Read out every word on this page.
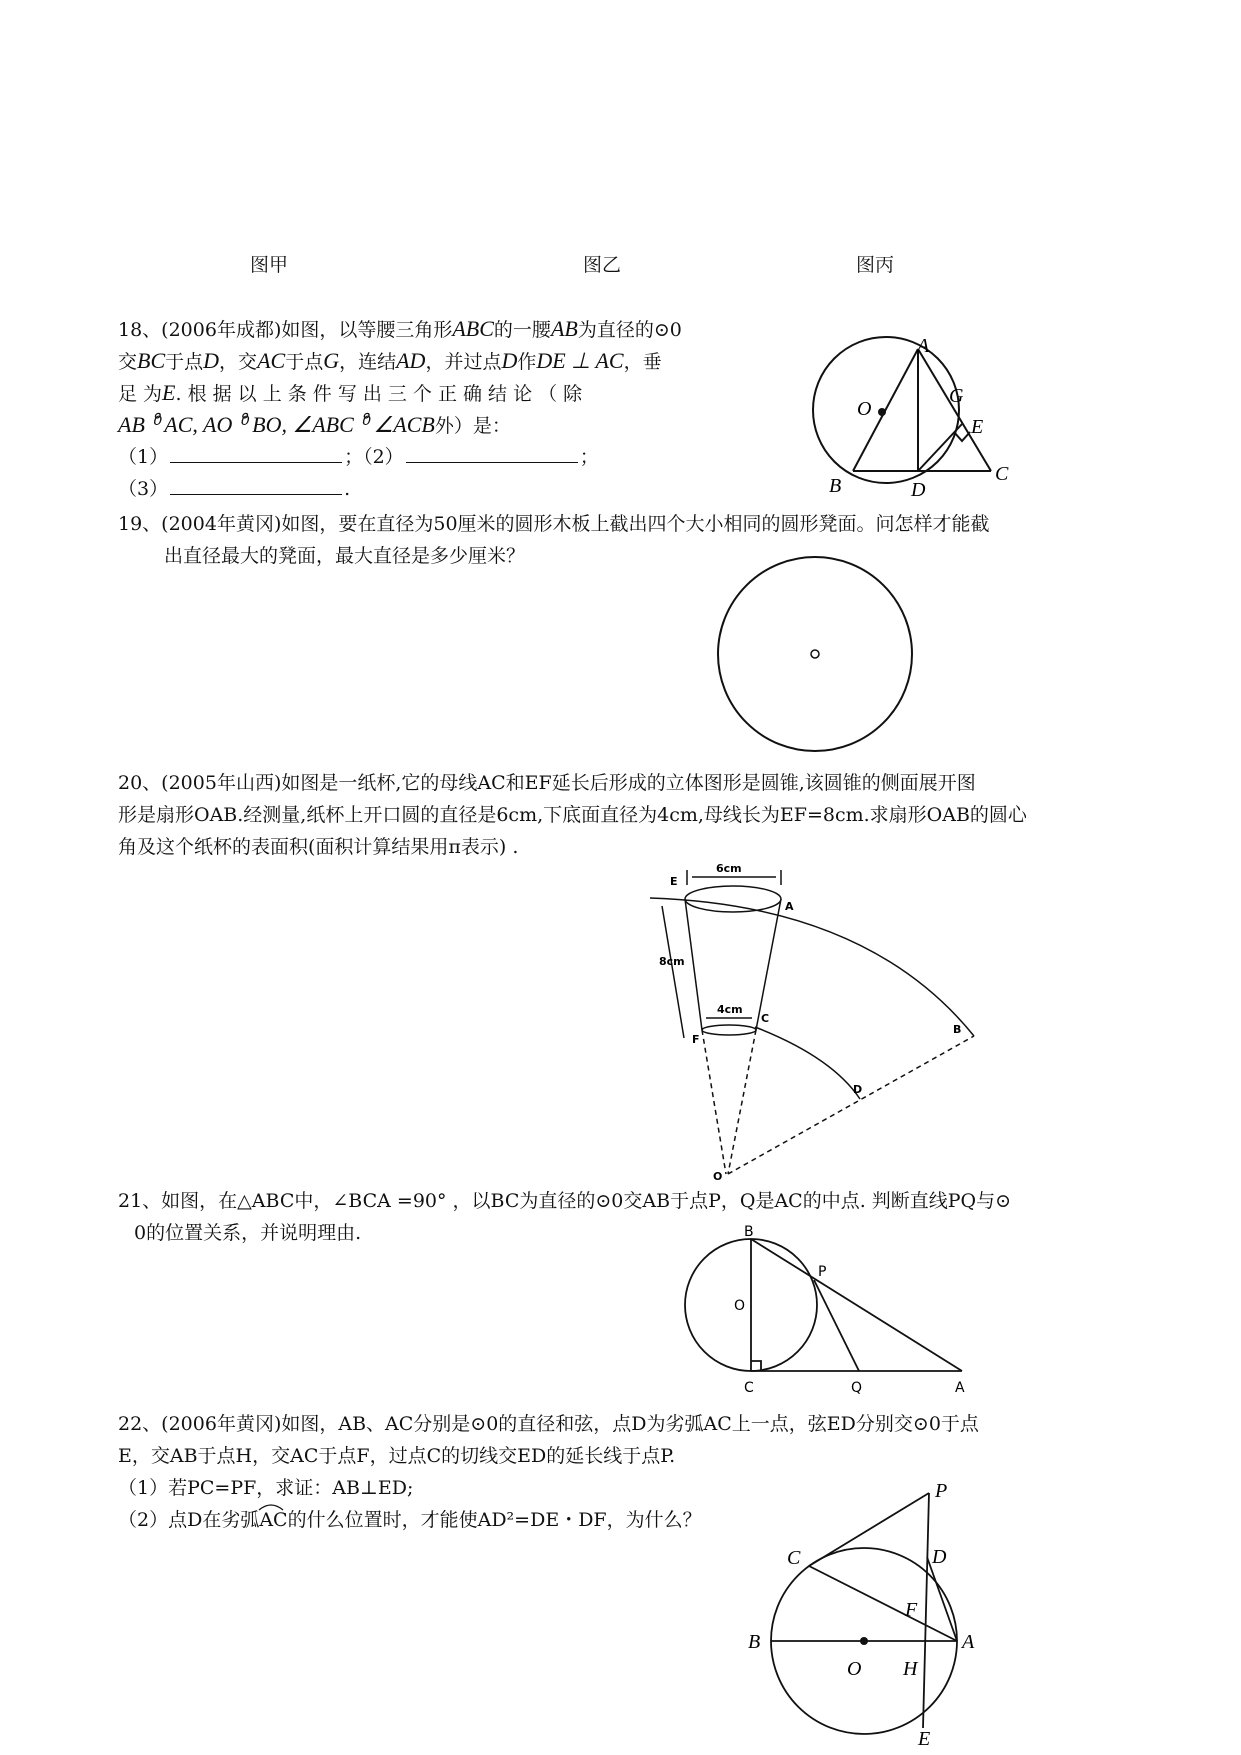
图甲	图乙	图丙
18、(2006年成都)如图，以等腰三角形ABC的一腰AB为直径的⊙0
交BC于点D，交AC于点G，连结AD，并过点D作DE ⊥ AC，垂
足 为E. 根 据 以 上 条 件 写 出 三 个 正 确 结 论 （ 除
AB ⁰̊ AC, AO ⁰̊ BO, ∠ABC ⁰̊ ∠ACB外）是：
（1）	；（2）	；
（3）	.
A
O
G
E
B	D
C
19、(2004年黄冈)如图，要在直径为50厘米的圆形木板上截出四个大小相同的圆形凳面。问怎样才能截
出直径最大的凳面，最大直径是多少厘米？
20、(2005年山西)如图是一纸杯,它的母线AC和EF延长后形成的立体图形是圆锥,该圆锥的侧面展开图
形是扇形OAB.经测量,纸杯上开口圆的直径是6cm,下底面直径为4cm,母线长为EF=8cm.求扇形OAB的圆心
角及这个纸杯的表面积(面积计算结果用π表示) .
E
6cm
A
8cm
4cm
C
F
B
D
O
21、如图，在△ABC中，∠BCA =90° ，以BC为直径的⊙0交AB于点P，Q是AC的中点. 判断直线PQ与⊙
0的位置关系，并说明理由.	B
P
O
C	Q	A
22、(2006年黄冈)如图，AB、AC分别是⊙0的直径和弦，点D为劣弧AC上一点，弦ED分别交⊙0于点
E，交AB于点H，交AC于点F，过点C的切线交ED的延长线于点P.
（1）若PC=PF，求证：AB⊥ED;
（2）点D在劣弧AC
的什么位置时，才能使AD²=DE・DF，为什么？
P
C	D
F
B
O H
A
E
